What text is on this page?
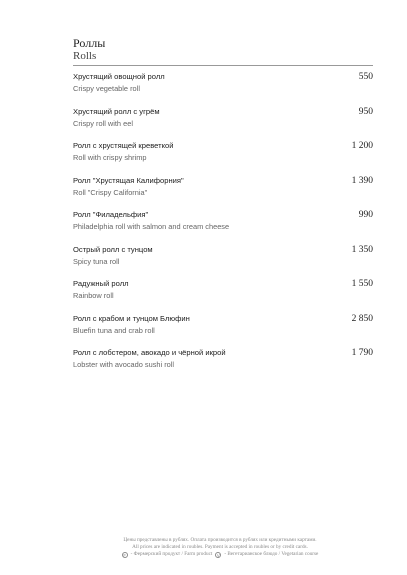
Роллы
Rolls
Хрустящий овощной ролл
Crispy vegetable roll
550
Хрустящий ролл с угрём
Crispy roll with eel
950
Ролл с хрустящей креветкой
Roll with crispy shrimp
1 200
Ролл "Хрустящая Калифорния"
Roll "Crispy California"
1 390
Ролл "Филадельфия"
Philadelphia roll with salmon and cream cheese
990
Острый ролл с тунцом
Spicy tuna roll
1 350
Радужный ролл
Rainbow roll
1 550
Ролл с крабом и тунцом Блюфин
Bluefin tuna and crab roll
2 850
Ролл с лобстером, авокадо и чёрной икрой
Lobster with avocado sushi roll
1 790
Цены представлены в рублях. Оплата производится в рублях или кредитными картами.
All prices are indicated in roubles. Payment is accepted in roubles or by credit cards.
F - Фермерский продукт / Farm product	V - Вегетарианское блюдо / Vegetarian course
